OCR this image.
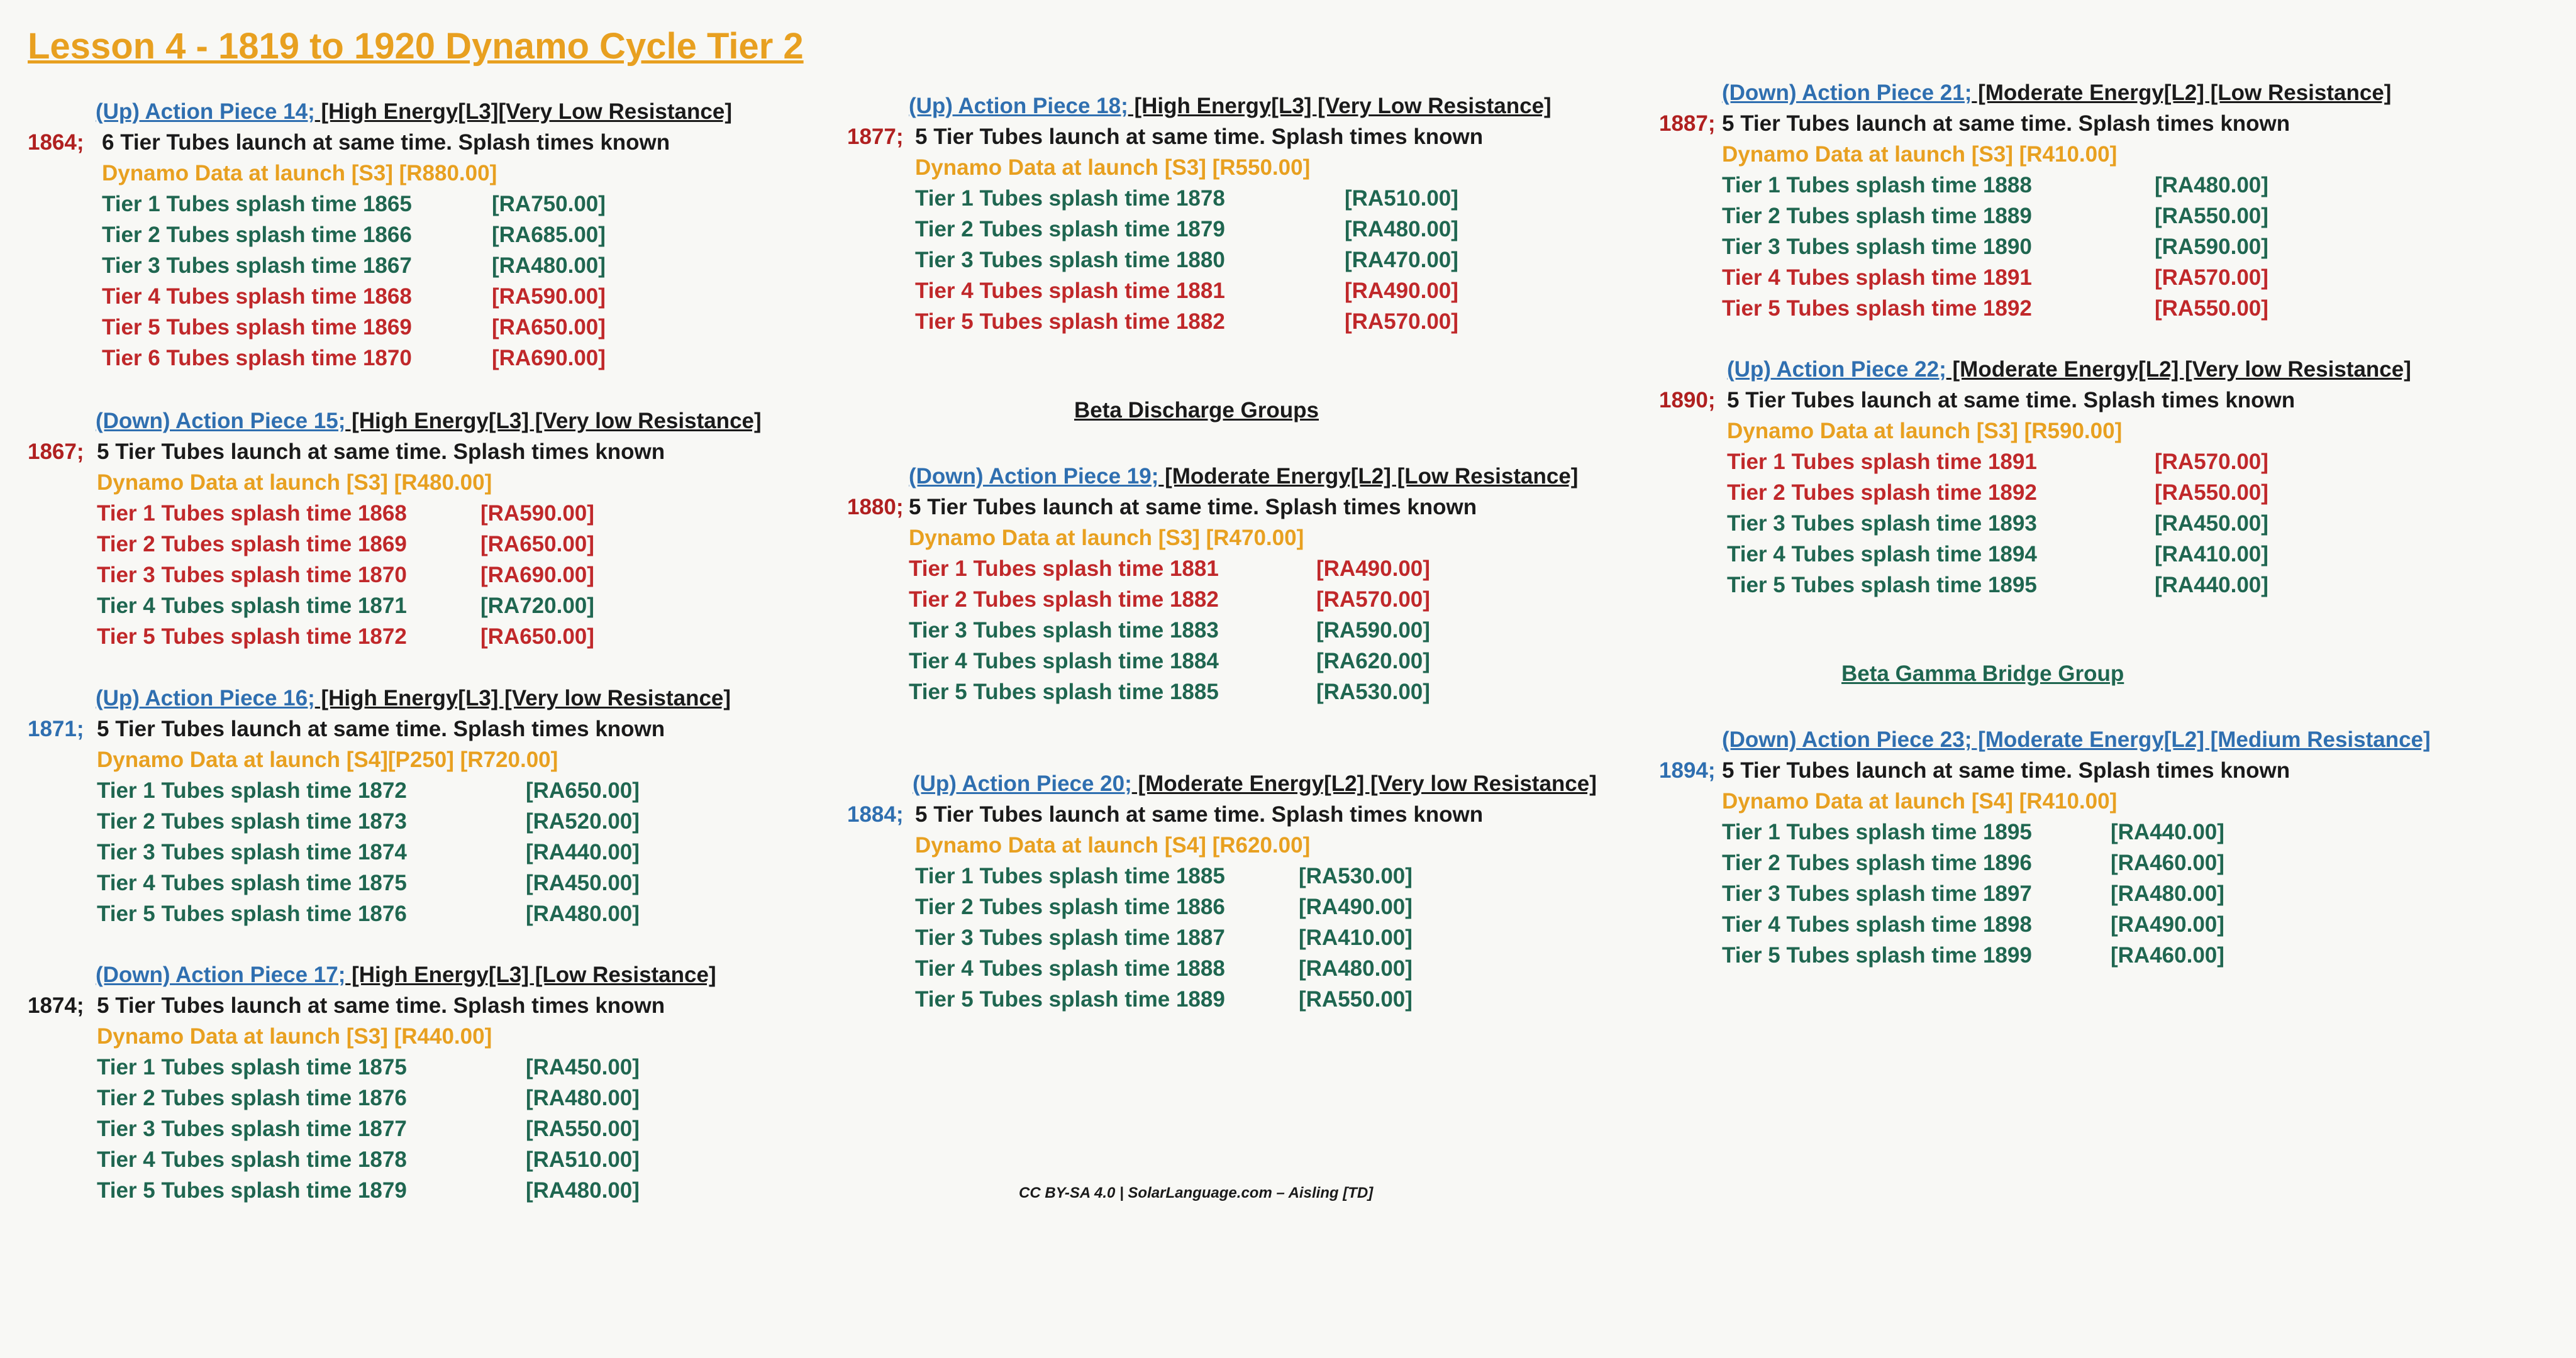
Lesson 4 - 1819 to 1920 Dynamo Cycle Tier 2
Beta Discharge Groups
Beta Gamma Bridge Group
CC BY-SA 4.0 | SolarLanguage.com – Aisling [TD]
(Up) Action Piece 14; [High Energy[L3][Very Low Resistance]
1864; 6 Tier Tubes launch at same time. Splash times known
Dynamo Data at launch [S3] [R880.00]
Tier 1 Tubes splash time 1865	[RA750.00]
Tier 2 Tubes splash time 1866	[RA685.00]
Tier 3 Tubes splash time 1867	[RA480.00]
Tier 4 Tubes splash time 1868	[RA590.00]
Tier 5 Tubes splash time 1869	[RA650.00]
Tier 6 Tubes splash time 1870	[RA690.00]
(Down) Action Piece 15; [High Energy[L3] [Very low Resistance]
1867; 5 Tier Tubes launch at same time. Splash times known
Dynamo Data at launch [S3] [R480.00]
Tier 1 Tubes splash time 1868	[RA590.00]
Tier 2 Tubes splash time 1869	[RA650.00]
Tier 3 Tubes splash time 1870	[RA690.00]
Tier 4 Tubes splash time 1871	[RA720.00]
Tier 5 Tubes splash time 1872	[RA650.00]
(Up) Action Piece 16; [High Energy[L3] [Very low Resistance]
1871; 5 Tier Tubes launch at same time. Splash times known
Dynamo Data at launch [S4][P250] [R720.00]
Tier 1 Tubes splash time 1872	[RA650.00]
Tier 2 Tubes splash time 1873	[RA520.00]
Tier 3 Tubes splash time 1874	[RA440.00]
Tier 4 Tubes splash time 1875	[RA450.00]
Tier 5 Tubes splash time 1876	[RA480.00]
(Down) Action Piece 17; [High Energy[L3] [Low Resistance]
1874; 5 Tier Tubes launch at same time. Splash times known
Dynamo Data at launch [S3] [R440.00]
Tier 1 Tubes splash time 1875	[RA450.00]
Tier 2 Tubes splash time 1876	[RA480.00]
Tier 3 Tubes splash time 1877	[RA550.00]
Tier 4 Tubes splash time 1878	[RA510.00]
Tier 5 Tubes splash time 1879	[RA480.00]
(Up) Action Piece 18; [High Energy[L3] [Very Low Resistance]
1877; 5 Tier Tubes launch at same time. Splash times known
Dynamo Data at launch [S3] [R550.00]
Tier 1 Tubes splash time 1878	[RA510.00]
Tier 2 Tubes splash time 1879	[RA480.00]
Tier 3 Tubes splash time 1880	[RA470.00]
Tier 4 Tubes splash time 1881	[RA490.00]
Tier 5 Tubes splash time 1882	[RA570.00]
(Down) Action Piece 19; [Moderate Energy[L2] [Low Resistance]
1880; 5 Tier Tubes launch at same time. Splash times known
Dynamo Data at launch [S3] [R470.00]
Tier 1 Tubes splash time 1881	[RA490.00]
Tier 2 Tubes splash time 1882	[RA570.00]
Tier 3 Tubes splash time 1883	[RA590.00]
Tier 4 Tubes splash time 1884	[RA620.00]
Tier 5 Tubes splash time 1885	[RA530.00]
(Up) Action Piece 20; [Moderate Energy[L2] [Very low Resistance]
1884; 5 Tier Tubes launch at same time. Splash times known
Dynamo Data at launch [S4] [R620.00]
Tier 1 Tubes splash time 1885	[RA530.00]
Tier 2 Tubes splash time 1886	[RA490.00]
Tier 3 Tubes splash time 1887	[RA410.00]
Tier 4 Tubes splash time 1888	[RA480.00]
Tier 5 Tubes splash time 1889	[RA550.00]
(Down) Action Piece 21; [Moderate Energy[L2] [Low Resistance]
1887; 5 Tier Tubes launch at same time. Splash times known
Dynamo Data at launch [S3] [R410.00]
Tier 1 Tubes splash time 1888	[RA480.00]
Tier 2 Tubes splash time 1889	[RA550.00]
Tier 3 Tubes splash time 1890	[RA590.00]
Tier 4 Tubes splash time 1891	[RA570.00]
Tier 5 Tubes splash time 1892	[RA550.00]
(Up) Action Piece 22; [Moderate Energy[L2] [Very low Resistance]
1890; 5 Tier Tubes launch at same time. Splash times known
Dynamo Data at launch [S3] [R590.00]
Tier 1 Tubes splash time 1891	[RA570.00]
Tier 2 Tubes splash time 1892	[RA550.00]
Tier 3 Tubes splash time 1893	[RA450.00]
Tier 4 Tubes splash time 1894	[RA410.00]
Tier 5 Tubes splash time 1895	[RA440.00]
(Down) Action Piece 23; [Moderate Energy[L2] [Medium Resistance]
1894; 5 Tier Tubes launch at same time. Splash times known
Dynamo Data at launch [S4] [R410.00]
Tier 1 Tubes splash time 1895	[RA440.00]
Tier 2 Tubes splash time 1896	[RA460.00]
Tier 3 Tubes splash time 1897	[RA480.00]
Tier 4 Tubes splash time 1898	[RA490.00]
Tier 5 Tubes splash time 1899	[RA460.00]
